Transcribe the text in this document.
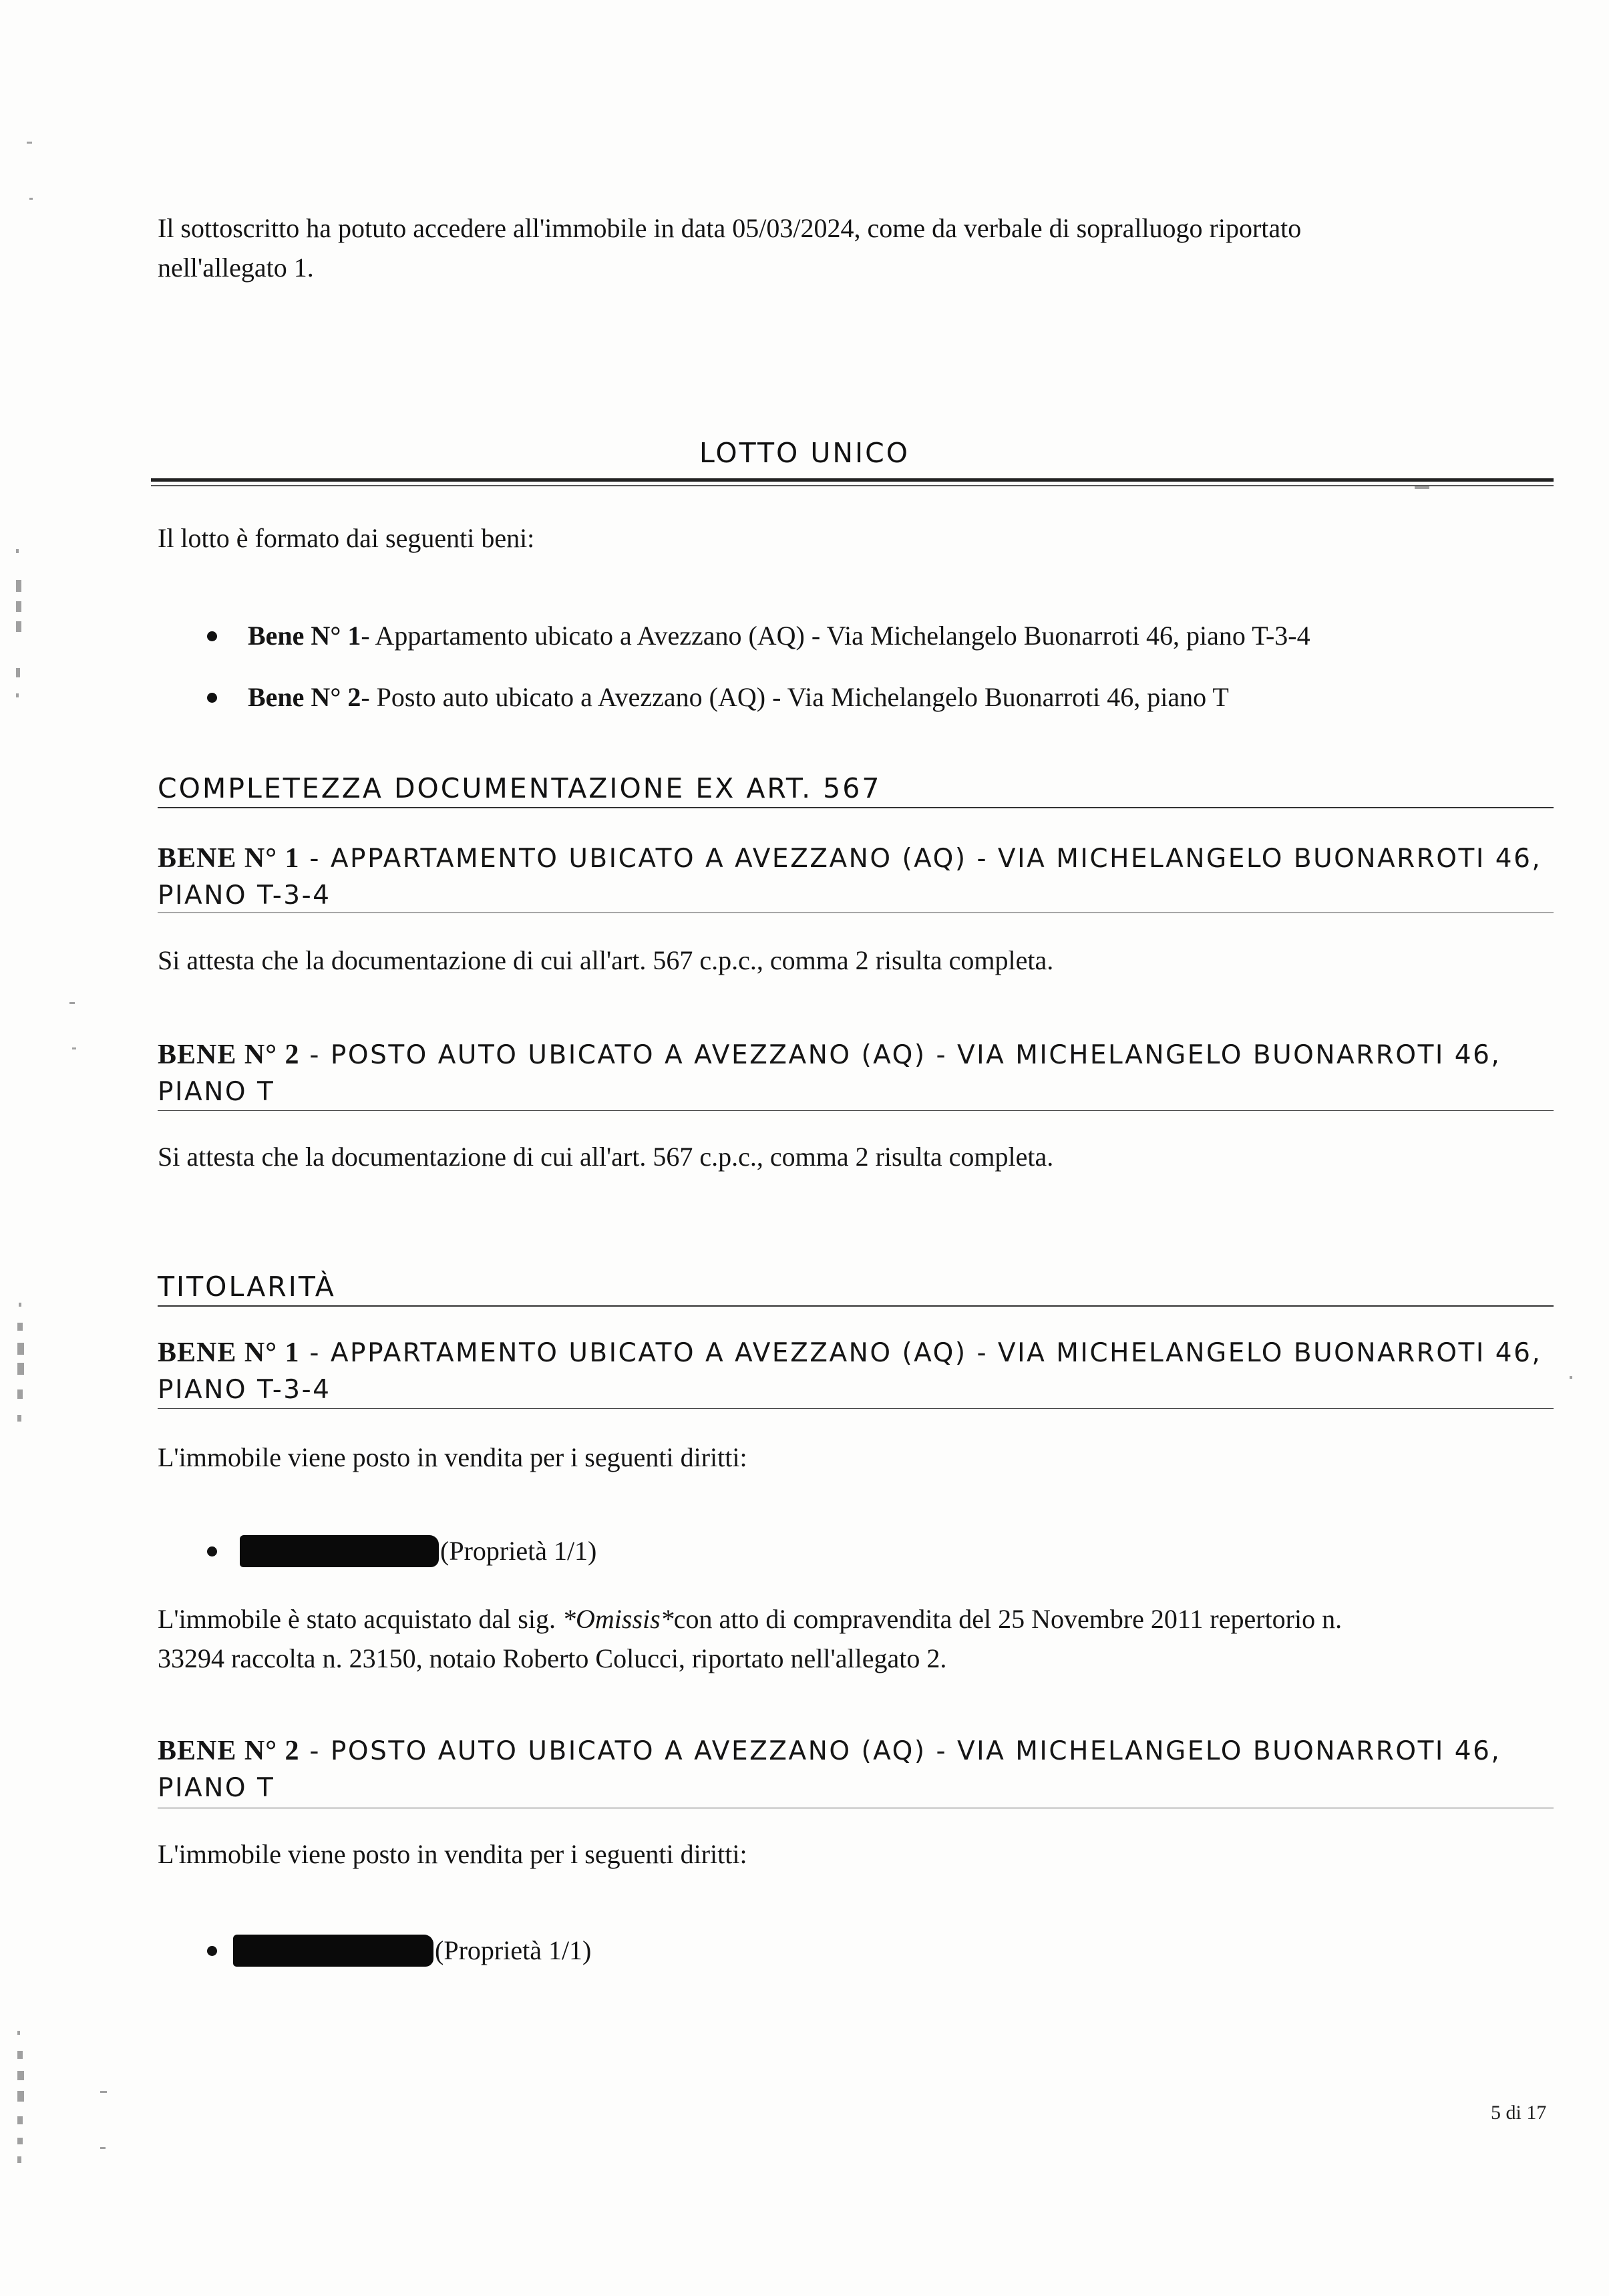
Il sottoscritto ha potuto accedere all'immobile in data 05/03/2024, come da verbale di sopralluogo riportato
nell'allegato 1.
LOTTO UNICO
Il lotto è formato dai seguenti beni:
Bene N° 1 - Appartamento ubicato a Avezzano (AQ) - Via Michelangelo Buonarroti 46, piano T-3-4
Bene N° 2 - Posto auto ubicato a Avezzano (AQ) - Via Michelangelo Buonarroti 46, piano T
COMPLETEZZA DOCUMENTAZIONE EX ART. 567
BENE N° 1 - APPARTAMENTO UBICATO A AVEZZANO (AQ) - VIA MICHELANGELO BUONARROTI 46,
PIANO T-3-4
Si attesta che la documentazione di cui all'art. 567 c.p.c., comma 2 risulta completa.
BENE N° 2 - POSTO AUTO UBICATO A AVEZZANO (AQ) - VIA MICHELANGELO BUONARROTI 46,
PIANO T
Si attesta che la documentazione di cui all'art. 567 c.p.c., comma 2 risulta completa.
TITOLARITÀ
BENE N° 1 - APPARTAMENTO UBICATO A AVEZZANO (AQ) - VIA MICHELANGELO BUONARROTI 46,
PIANO T-3-4
L'immobile viene posto in vendita per i seguenti diritti:
(Proprietà 1/1)
L'immobile è stato acquistato dal sig. *Omissis*con atto di compravendita del 25 Novembre 2011 repertorio n.
33294 raccolta n. 23150, notaio Roberto Colucci, riportato nell'allegato 2.
BENE N° 2 - POSTO AUTO UBICATO A AVEZZANO (AQ) - VIA MICHELANGELO BUONARROTI 46,
PIANO T
L'immobile viene posto in vendita per i seguenti diritti:
(Proprietà 1/1)
5 di 17
